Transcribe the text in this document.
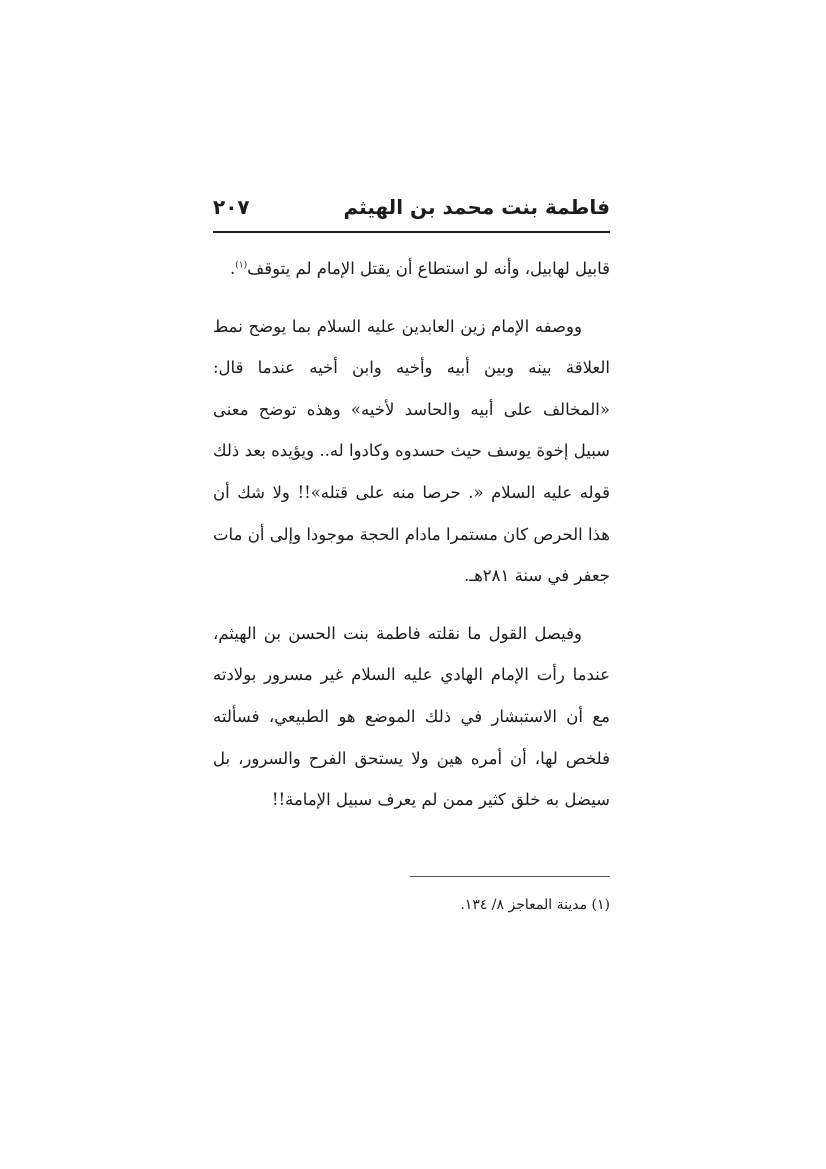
فاطمة بنت محمد بن الهيثم
٢٠٧

قابيل لهابيل، وأنه لو استطاع أن يقتل الإمام لم يتوقف$^{(١)}$.

ووصفه الإمام زين العابدين عليه السلام بما يوضح نمط العلاقة بينه وبين أبيه وأخيه وابن أخيه عندما قال: «المخالف على أبيه والحاسد لأخيه» وهذه توضح معنى سبيل إخوة يوسف حيث حسدوه وكادوا له.. ويؤيده بعد ذلك قوله عليه السلام «. حرصا منه على قتله»!! ولا شك أن هذا الحرص كان مستمرا مادام الحجة موجودا وإلى أن مات جعفر في سنة ٢٨١هـ.

وفيصل القول ما نقلته فاطمة بنت الحسن بن الهيثم، عندما رأت الإمام الهادي عليه السلام غير مسرور بولادته مع أن الاستبشار في ذلك الموضع هو الطبيعي، فسألته فلخص لها، أن أمره هين ولا يستحق الفرح والسرور، بل سيضل به خلق كثير ممن لم يعرف سبيل الإمامة!!

(١) مدينة المعاجز ٨/ ١٣٤.
